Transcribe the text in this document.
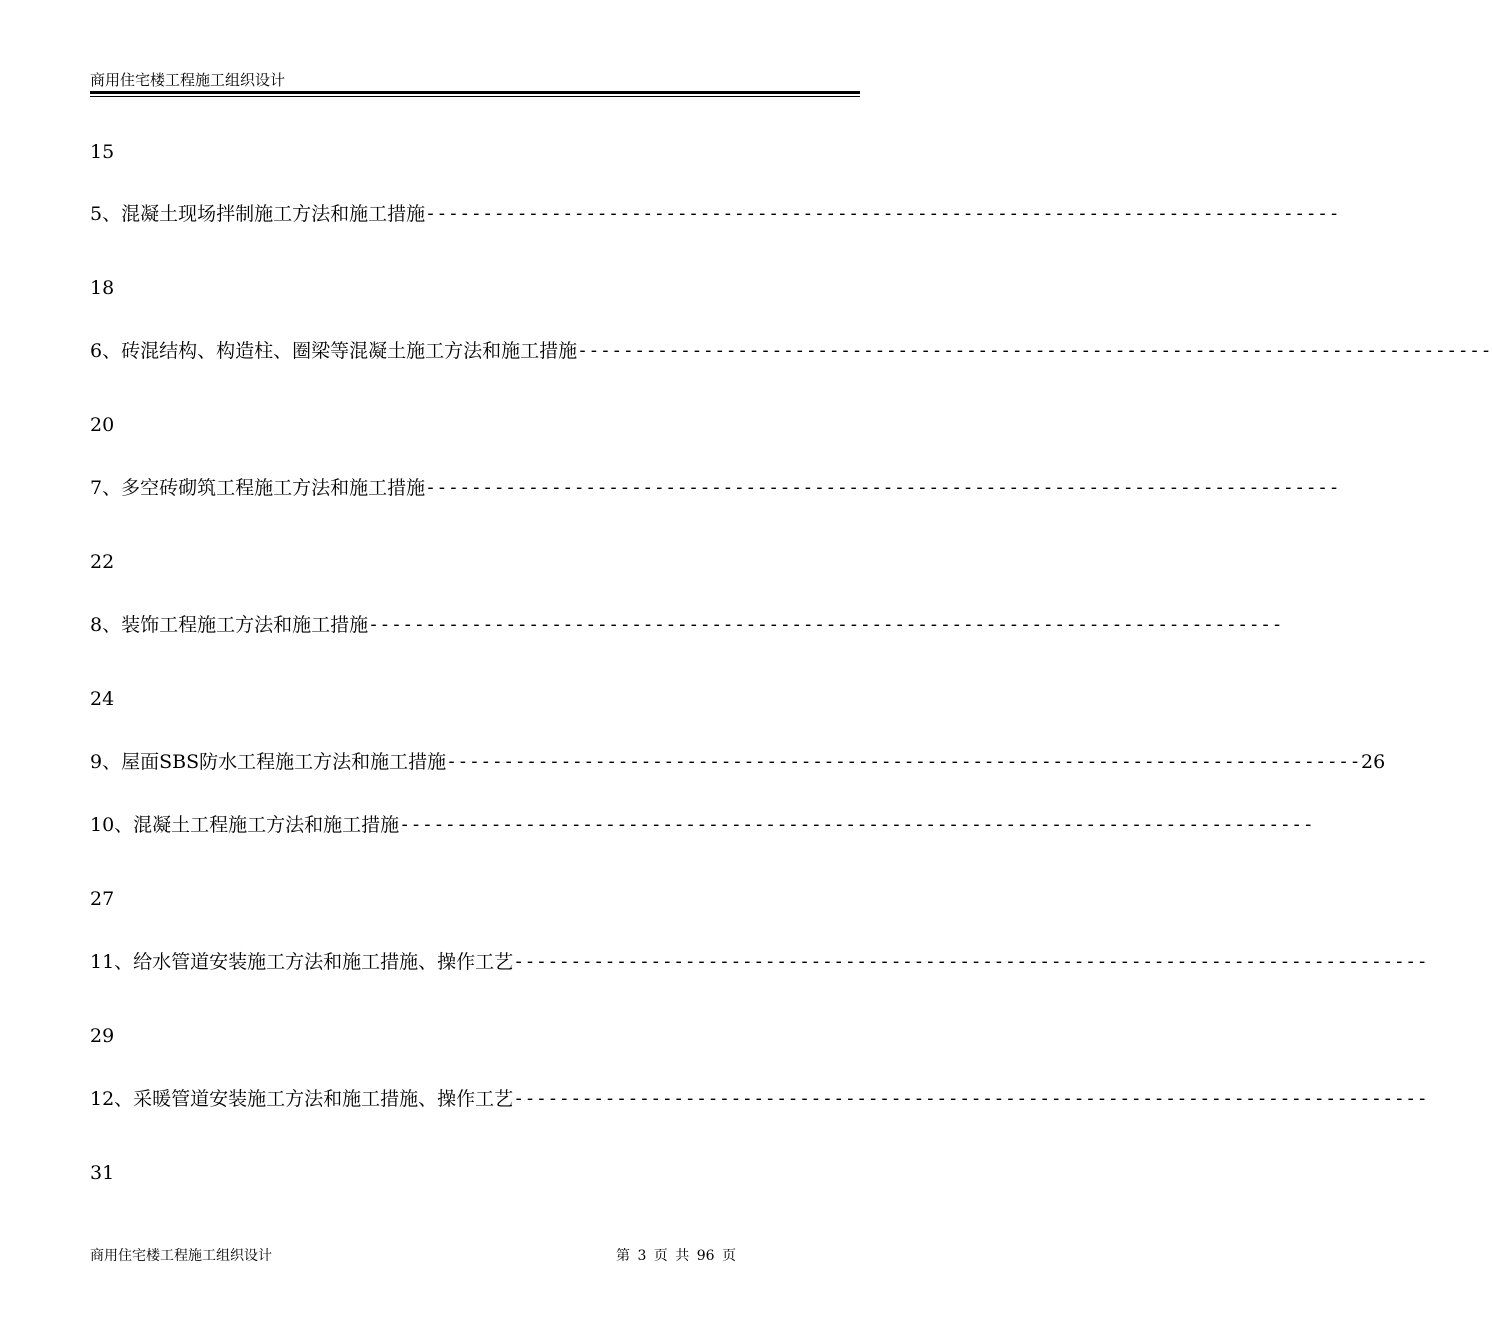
商用住宅楼工程施工组织设计
15
5、混凝土现场拌制施工方法和施工措施 --------------------------------------------------------------------------------
18
6、砖混结构、构造柱、圈梁等混凝土施工方法和施工措施 --------------------------------------------------------------------------------
20
7、多空砖砌筑工程施工方法和施工措施 --------------------------------------------------------------------------------
22
8、装饰工程施工方法和施工措施 --------------------------------------------------------------------------------
24
9、屋面SBS防水工程施工方法和施工措施 -------------------------------------------------------------------------------- 26
10、混凝土工程施工方法和施工措施 --------------------------------------------------------------------------------
27
11、给水管道安装施工方法和施工措施、操作工艺 --------------------------------------------------------------------------------
29
12、采暖管道安装施工方法和施工措施、操作工艺 --------------------------------------------------------------------------------
31
商用住宅楼工程施工组织设计	第 3 页 共 96 页
